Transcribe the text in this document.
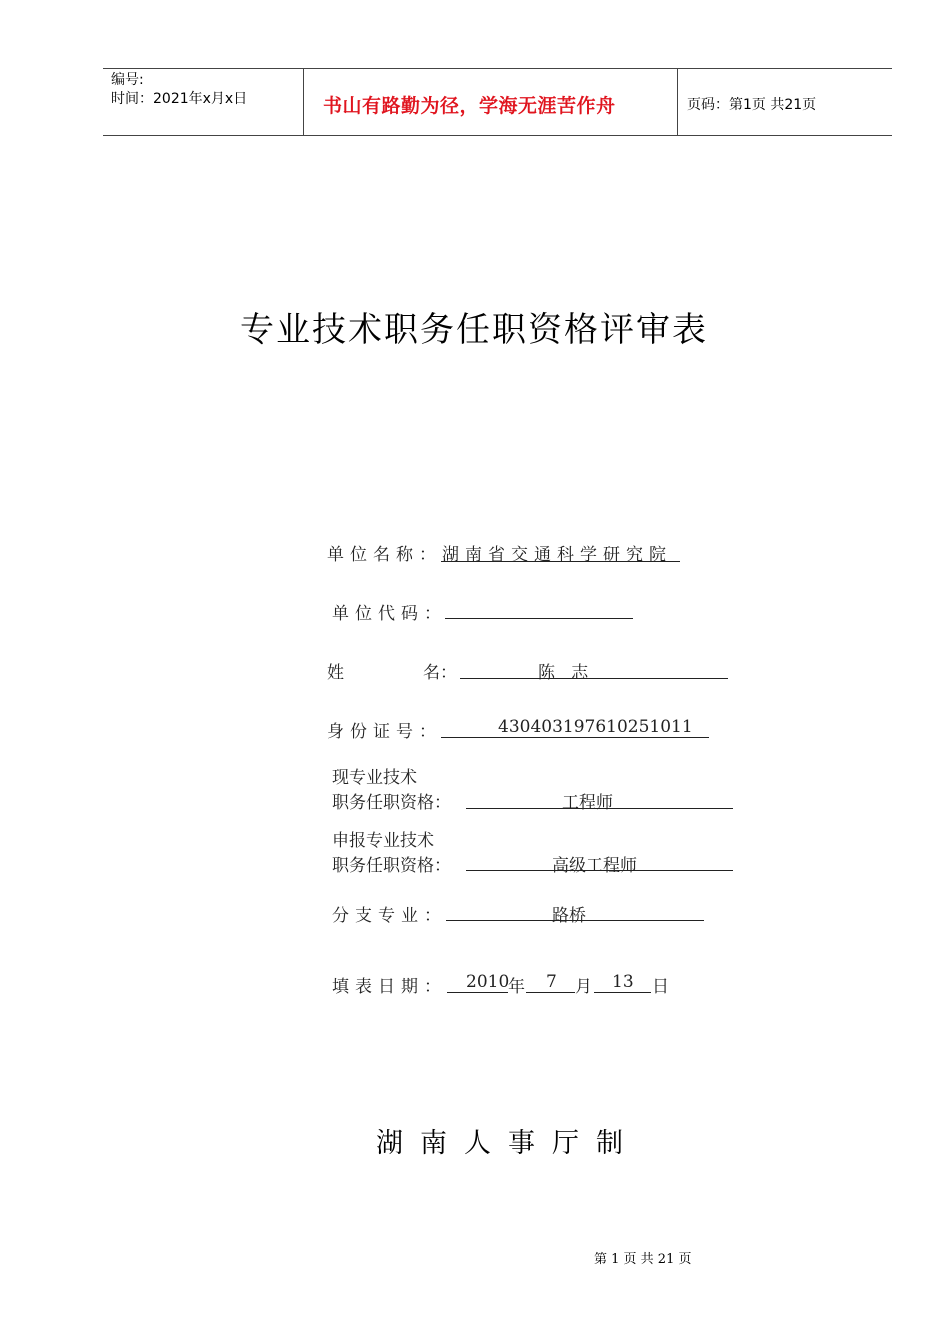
编号:
时间：2021年x月x日	书山有路勤为径，学海无涯苦作舟	页码：第1页 共21页
专业技术职务任职资格评审表
单位名称： 湖南省交通科学研究院
单位代码：
姓	名：	陈   志
身份证号：	430403197610251011
现专业技术
职务任职资格：	工程师
申报专业技术
职务任职资格：	高级工程师
分支专业：	路桥
填表日期： 2010
年 7 月 13 日
湖南人事厅制
第 1 页 共 21 页
